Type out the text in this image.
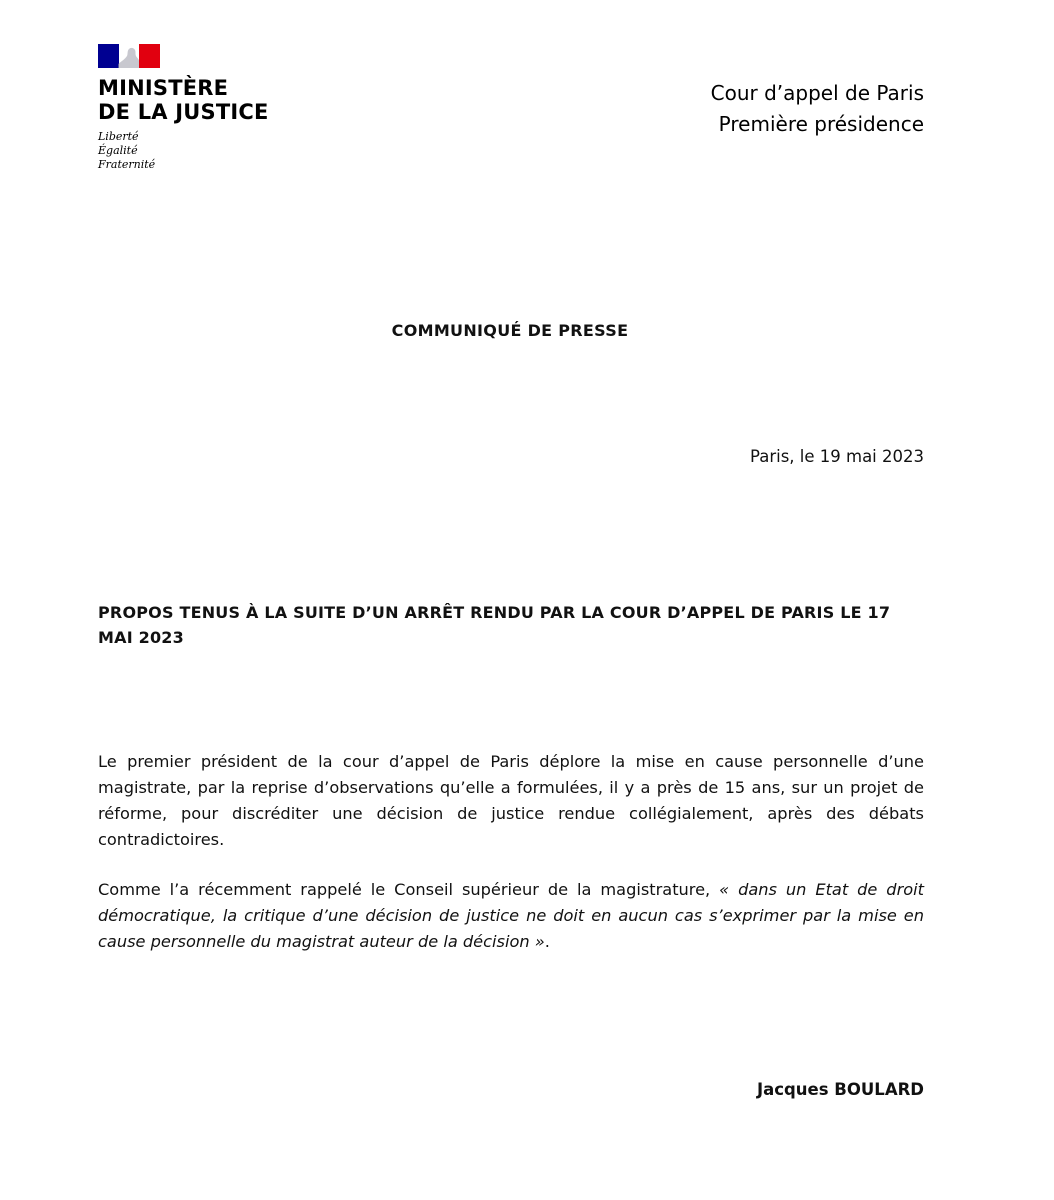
MINISTÈRE
DE LA JUSTICE
Liberté
Égalité
Fraternité
Cour d’appel de Paris
Première présidence
COMMUNIQUÉ DE PRESSE
Paris, le 19 mai 2023
PROPOS TENUS À LA SUITE D’UN ARRÊT RENDU PAR LA COUR D’APPEL DE PARIS LE 17 MAI 2023
Le premier président de la cour d’appel de Paris déplore la mise en cause personnelle d’une magistrate, par la reprise d’observations qu’elle a formulées, il y a près de 15 ans, sur un projet de réforme, pour discréditer une décision de justice rendue collégialement, après des débats contradictoires.
Comme l’a récemment rappelé le Conseil supérieur de la magistrature, « dans un Etat de droit démocratique, la critique d’une décision de justice ne doit en aucun cas s’exprimer par la mise en cause personnelle du magistrat auteur de la décision ».
Jacques BOULARD
